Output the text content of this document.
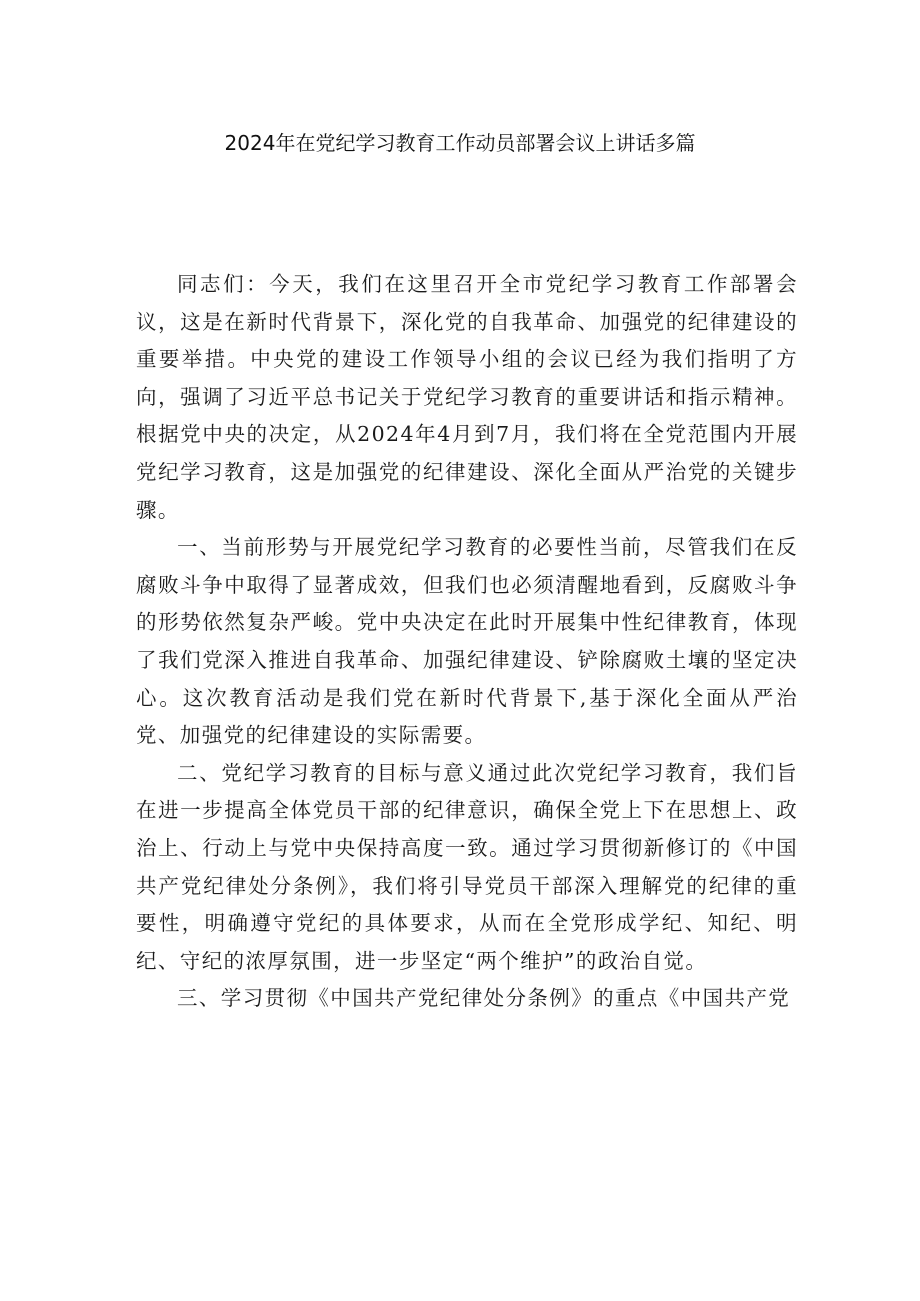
2024年在党纪学习教育工作动员部署会议上讲话多篇

同志们：今天，我们在这里召开全市党纪学习教育工作部署会议，这是在新时代背景下，深化党的自我革命、加强党的纪律建设的重要举措。中央党的建设工作领导小组的会议已经为我们指明了方向，强调了习近平总书记关于党纪学习教育的重要讲话和指示精神。根据党中央的决定，从2024年4月到7月，我们将在全党范围内开展党纪学习教育，这是加强党的纪律建设、深化全面从严治党的关键步骤。

一、当前形势与开展党纪学习教育的必要性当前，尽管我们在反腐败斗争中取得了显著成效，但我们也必须清醒地看到，反腐败斗争的形势依然复杂严峻。党中央决定在此时开展集中性纪律教育，体现了我们党深入推进自我革命、加强纪律建设、铲除腐败土壤的坚定决心。这次教育活动是我们党在新时代背景下,基于深化全面从严治党、加强党的纪律建设的实际需要。

二、党纪学习教育的目标与意义通过此次党纪学习教育，我们旨在进一步提高全体党员干部的纪律意识，确保全党上下在思想上、政治上、行动上与党中央保持高度一致。通过学习贯彻新修订的《中国共产党纪律处分条例》，我们将引导党员干部深入理解党的纪律的重要性，明确遵守党纪的具体要求，从而在全党形成学纪、知纪、明纪、守纪的浓厚氛围，进一步坚定“两个维护”的政治自觉。

三、学习贯彻《中国共产党纪律处分条例》的重点《中国共产党
